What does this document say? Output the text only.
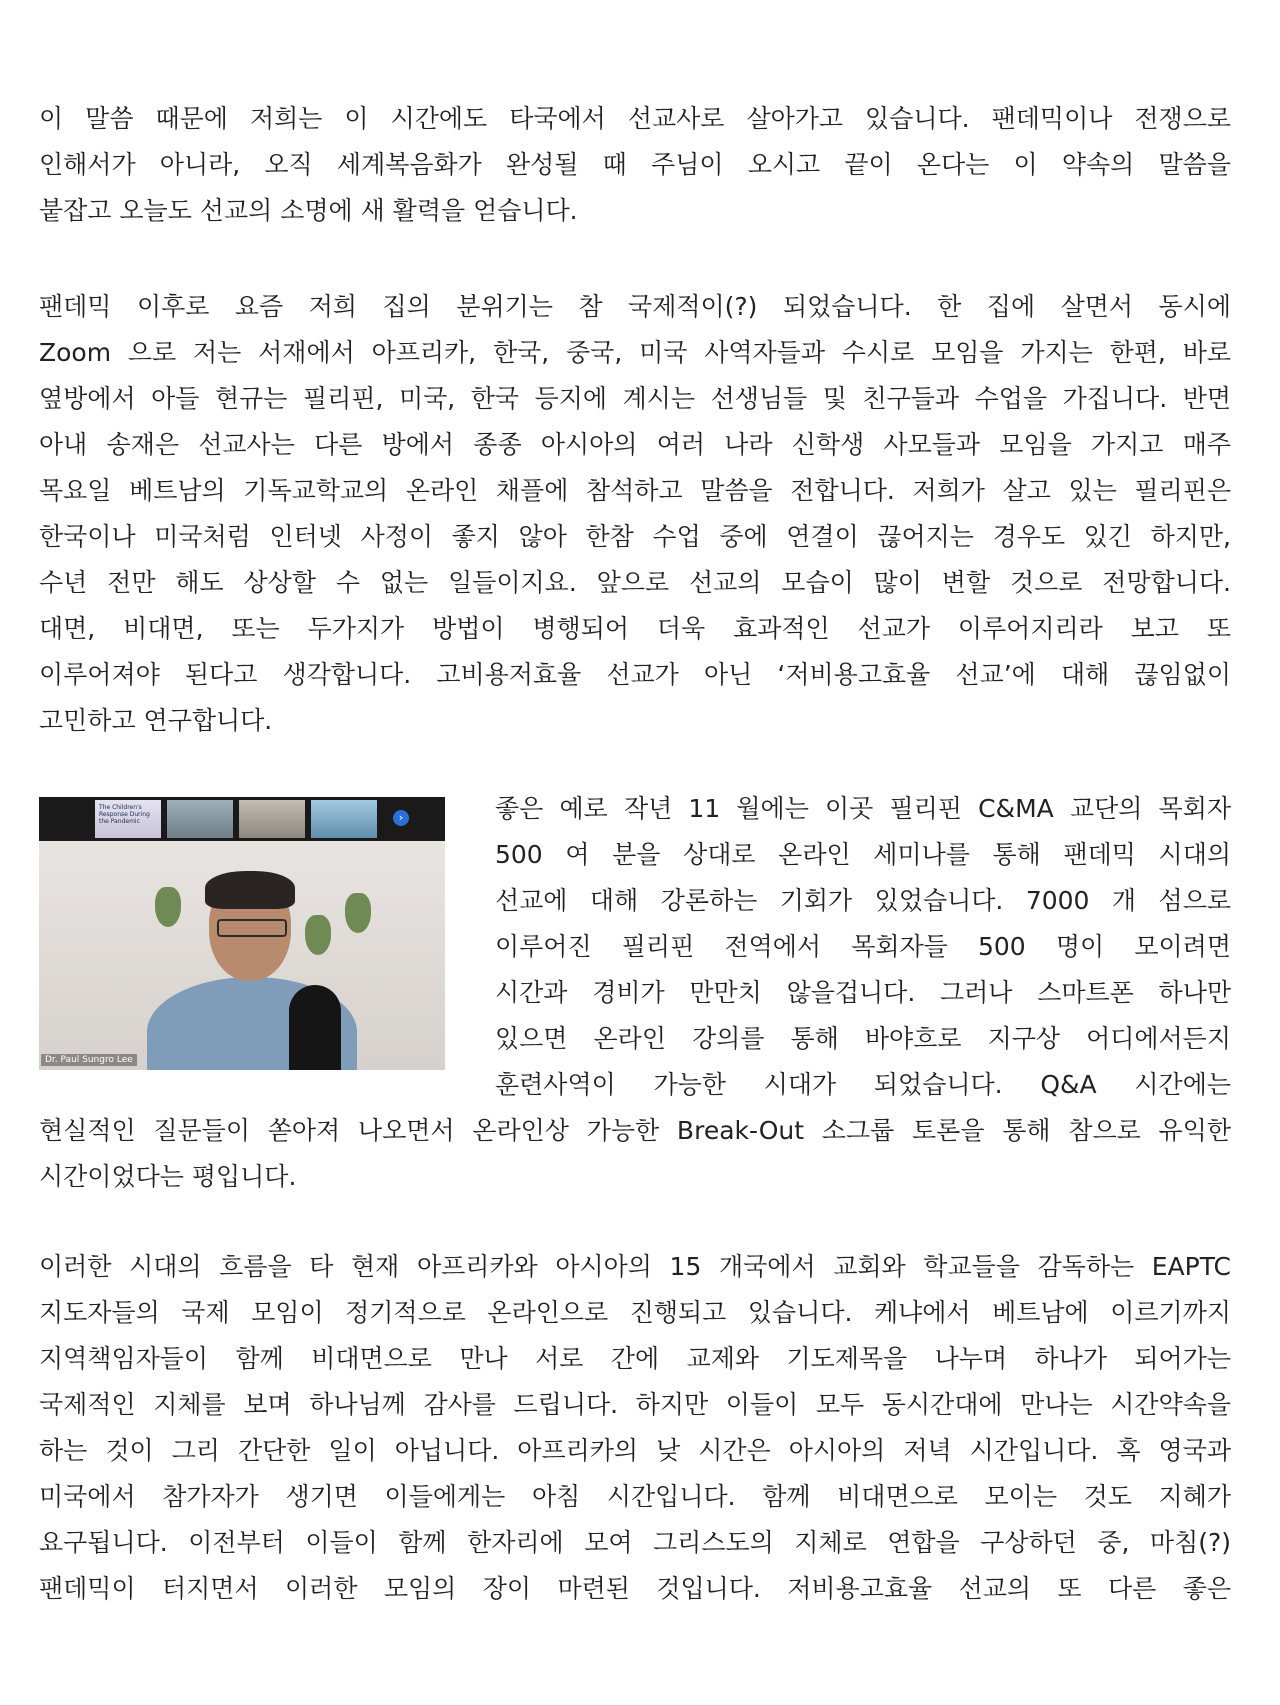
이 말씀 때문에 저희는 이 시간에도 타국에서 선교사로 살아가고 있습니다. 팬데믹이나 전쟁으로
인해서가 아니라, 오직 세계복음화가 완성될 때 주님이 오시고 끝이 온다는 이 약속의 말씀을
붙잡고 오늘도 선교의 소명에 새 활력을 얻습니다.

팬데믹 이후로 요즘 저희 집의 분위기는 참 국제적이(?) 되었습니다. 한 집에 살면서 동시에
Zoom 으로 저는 서재에서 아프리카, 한국, 중국, 미국 사역자들과 수시로 모임을 가지는 한편, 바로
옆방에서 아들 현규는 필리핀, 미국, 한국 등지에 계시는 선생님들 및 친구들과 수업을 가집니다. 반면
아내 송재은 선교사는 다른 방에서 종종 아시아의 여러 나라 신학생 사모들과 모임을 가지고 매주
목요일 베트남의 기독교학교의 온라인 채플에 참석하고 말씀을 전합니다. 저희가 살고 있는 필리핀은
한국이나 미국처럼 인터넷 사정이 좋지 않아 한참 수업 중에 연결이 끊어지는 경우도 있긴 하지만,
수년 전만 해도 상상할 수 없는 일들이지요. 앞으로 선교의 모습이 많이 변할 것으로 전망합니다.
대면, 비대면, 또는 두가지가 방법이 병행되어 더욱 효과적인 선교가 이루어지리라 보고 또
이루어져야 된다고 생각합니다. 고비용저효율 선교가 아닌 ‘저비용고효율 선교’에 대해 끊임없이
고민하고 연구합니다.

The Children's Response During the Pandemic	›
Dr. Paul Sungro Lee

좋은 예로 작년 11 월에는 이곳 필리핀 C&MA 교단의 목회자
500 여 분을 상대로 온라인 세미나를 통해 팬데믹 시대의
선교에 대해 강론하는 기회가 있었습니다. 7000 개 섬으로
이루어진 필리핀 전역에서 목회자들 500 명이 모이려면
시간과 경비가 만만치 않을겁니다. 그러나 스마트폰 하나만
있으면 온라인 강의를 통해 바야흐로 지구상 어디에서든지
훈련사역이 가능한 시대가 되었습니다. Q&A 시간에는
현실적인 질문들이 쏟아져 나오면서 온라인상 가능한 Break-Out 소그룹 토론을 통해 참으로 유익한
시간이었다는 평입니다.

이러한 시대의 흐름을 타 현재 아프리카와 아시아의 15 개국에서 교회와 학교들을 감독하는 EAPTC
지도자들의 국제 모임이 정기적으로 온라인으로 진행되고 있습니다. 케냐에서 베트남에 이르기까지
지역책임자들이 함께 비대면으로 만나 서로 간에 교제와 기도제목을 나누며 하나가 되어가는
국제적인 지체를 보며 하나님께 감사를 드립니다. 하지만 이들이 모두 동시간대에 만나는 시간약속을
하는 것이 그리 간단한 일이 아닙니다. 아프리카의 낮 시간은 아시아의 저녁 시간입니다. 혹 영국과
미국에서 참가자가 생기면 이들에게는 아침 시간입니다. 함께 비대면으로 모이는 것도 지혜가
요구됩니다. 이전부터 이들이 함께 한자리에 모여 그리스도의 지체로 연합을 구상하던 중, 마침(?)
팬데믹이 터지면서 이러한 모임의 장이 마련된 것입니다. 저비용고효율 선교의 또 다른 좋은
